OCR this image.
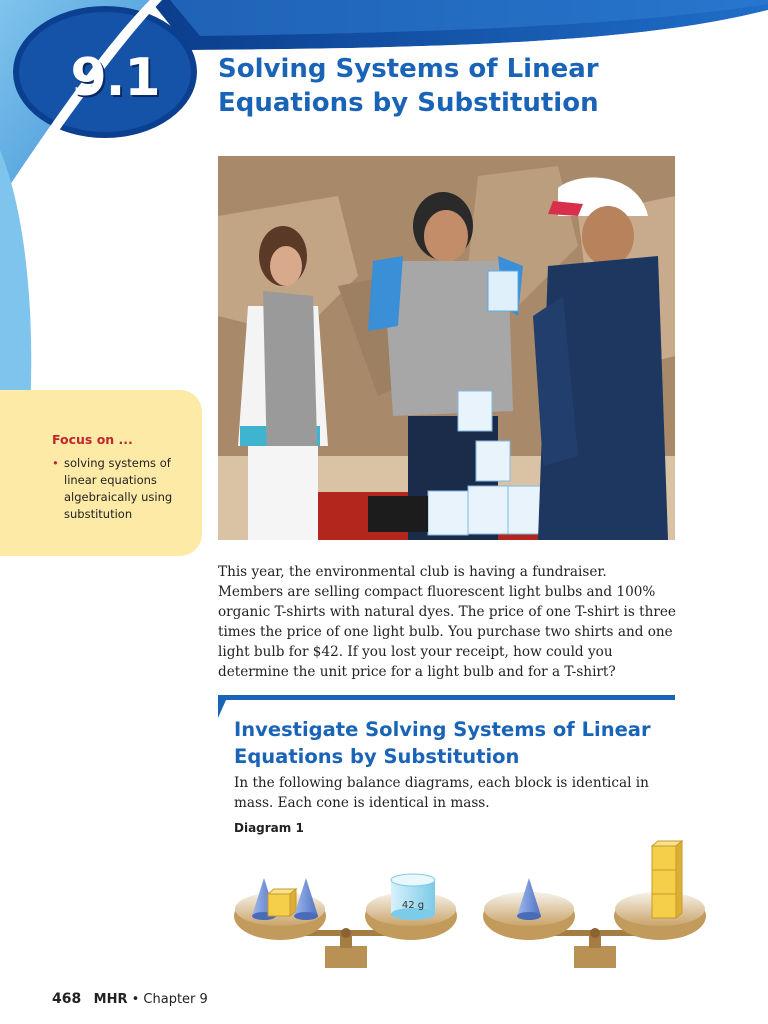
9.1	Solving Systems of Linear
Equations by Substitution
Focus on ...
• solving systems of linear equations algebraically using substitution
This year, the environmental club is having a fundraiser. Members are selling compact fluorescent light bulbs and 100% organic T-shirts with natural dyes. The price of one T-shirt is three times the price of one light bulb. You purchase two shirts and one light bulb for $42. If you lost your receipt, how could you determine the unit price for a light bulb and for a T-shirt?
Investigate Solving Systems of Linear
Equations by Substitution
In the following balance diagrams, each block is identical in mass. Each cone is identical in mass.
Diagram 1
42 g
468 MHR • Chapter 9
